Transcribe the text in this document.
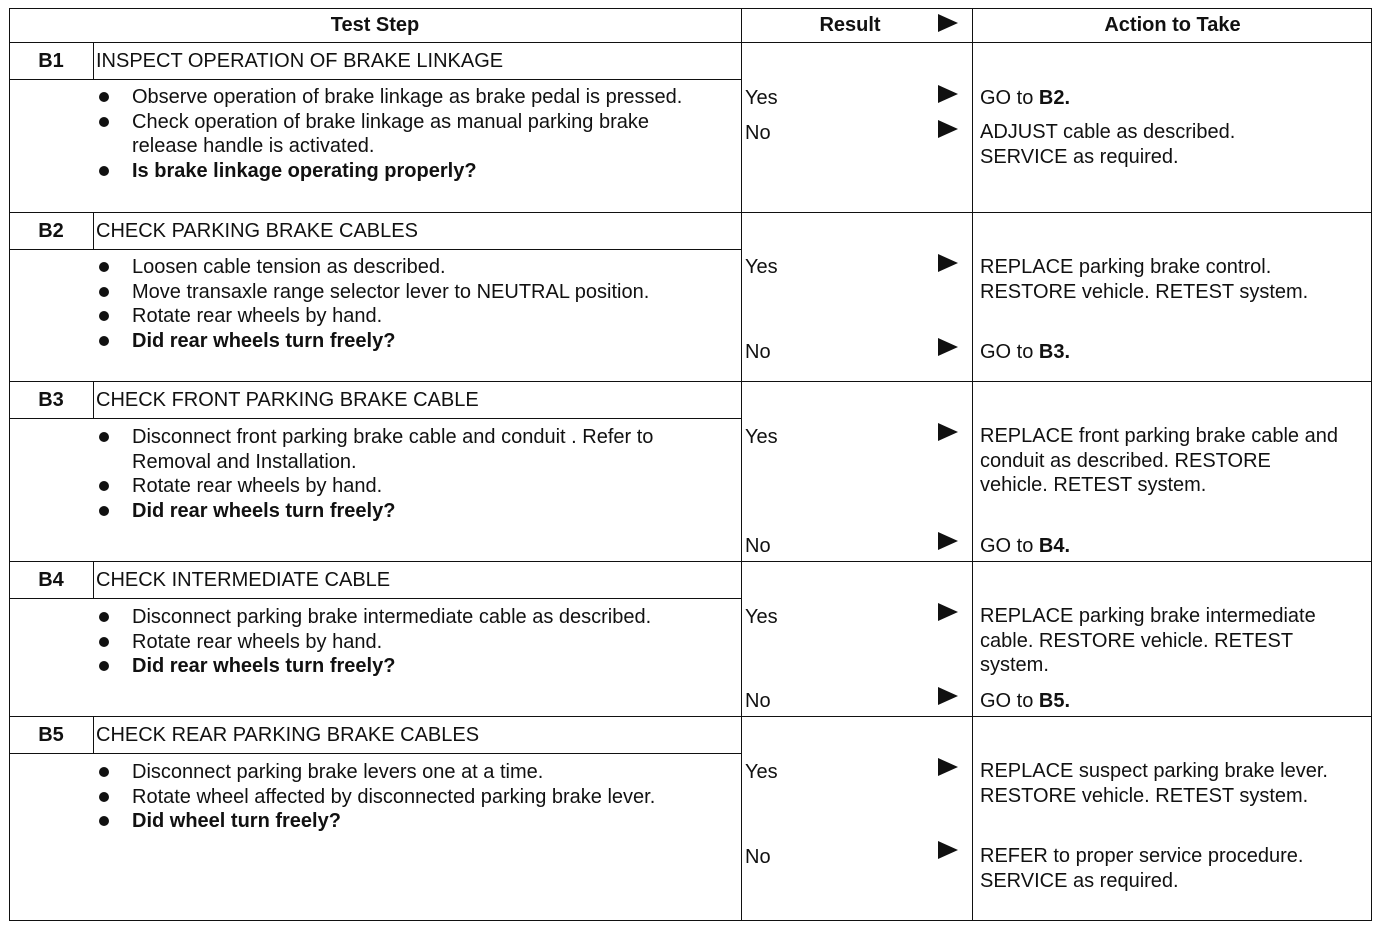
Test Step	Result	Action to Take
B1	INSPECT OPERATION OF BRAKE LINKAGE
Observe operation of brake linkage as brake pedal is pressed.
Check operation of brake linkage as manual parking brake release handle is activated.
Is brake linkage operating properly?
Yes	GO to B2.
No	ADJUST cable as described. SERVICE as required.
B2	CHECK PARKING BRAKE CABLES
Loosen cable tension as described.
Move transaxle range selector lever to NEUTRAL position.
Rotate rear wheels by hand.
Did rear wheels turn freely?
Yes	REPLACE parking brake control. RESTORE vehicle. RETEST system.
No	GO to B3.
B3	CHECK FRONT PARKING BRAKE CABLE
Disconnect front parking brake cable and conduit . Refer to Removal and Installation.
Rotate rear wheels by hand.
Did rear wheels turn freely?
Yes	REPLACE front parking brake cable and conduit as described. RESTORE vehicle. RETEST system.
No	GO to B4.
B4	CHECK INTERMEDIATE CABLE
Disconnect parking brake intermediate cable as described.
Rotate rear wheels by hand.
Did rear wheels turn freely?
Yes	REPLACE parking brake intermediate cable. RESTORE vehicle. RETEST system.
No	GO to B5.
B5	CHECK REAR PARKING BRAKE CABLES
Disconnect parking brake levers one at a time.
Rotate wheel affected by disconnected parking brake lever.
Did wheel turn freely?
Yes	REPLACE suspect parking brake lever. RESTORE vehicle. RETEST system.
No	REFER to proper service procedure. SERVICE as required.
